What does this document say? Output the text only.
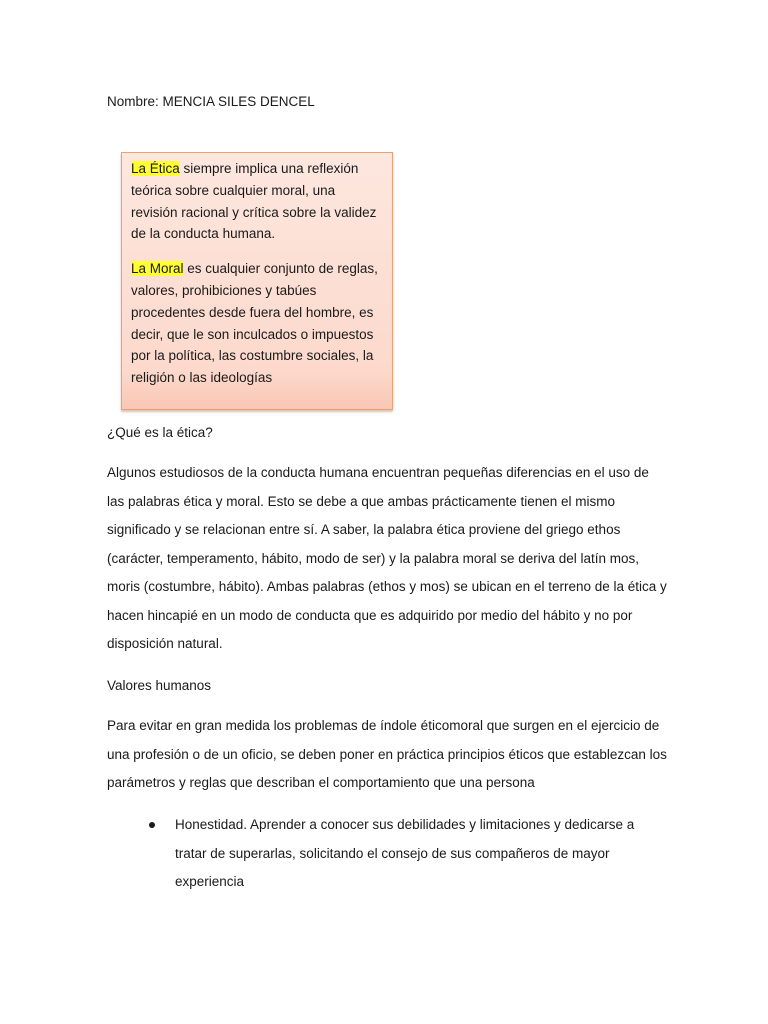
Nombre: MENCIA SILES DENCEL

La Ética siempre implica una reflexión teórica sobre cualquier moral, una revisión racional y crítica sobre la validez de la conducta humana.

La Moral es cualquier conjunto de reglas, valores, prohibiciones y tabúes procedentes desde fuera del hombre, es decir, que le son inculcados o impuestos por la política, las costumbre sociales, la religión o las ideologías

¿Qué es la ética?

Algunos estudiosos de la conducta humana encuentran pequeñas diferencias en el uso de las palabras ética y moral. Esto se debe a que ambas prácticamente tienen el mismo significado y se relacionan entre sí. A saber, la palabra ética proviene del griego ethos (carácter, temperamento, hábito, modo de ser) y la palabra moral se deriva del latín mos, moris (costumbre, hábito). Ambas palabras (ethos y mos) se ubican en el terreno de la ética y hacen hincapié en un modo de conducta que es adquirido por medio del hábito y no por disposición natural.

Valores humanos

Para evitar en gran medida los problemas de índole éticomoral que surgen en el ejercicio de una profesión o de un oficio, se deben poner en práctica principios éticos que establezcan los parámetros y reglas que describan el comportamiento que una persona

Honestidad. Aprender a conocer sus debilidades y limitaciones y dedicarse a tratar de superarlas, solicitando el consejo de sus compañeros de mayor experiencia
